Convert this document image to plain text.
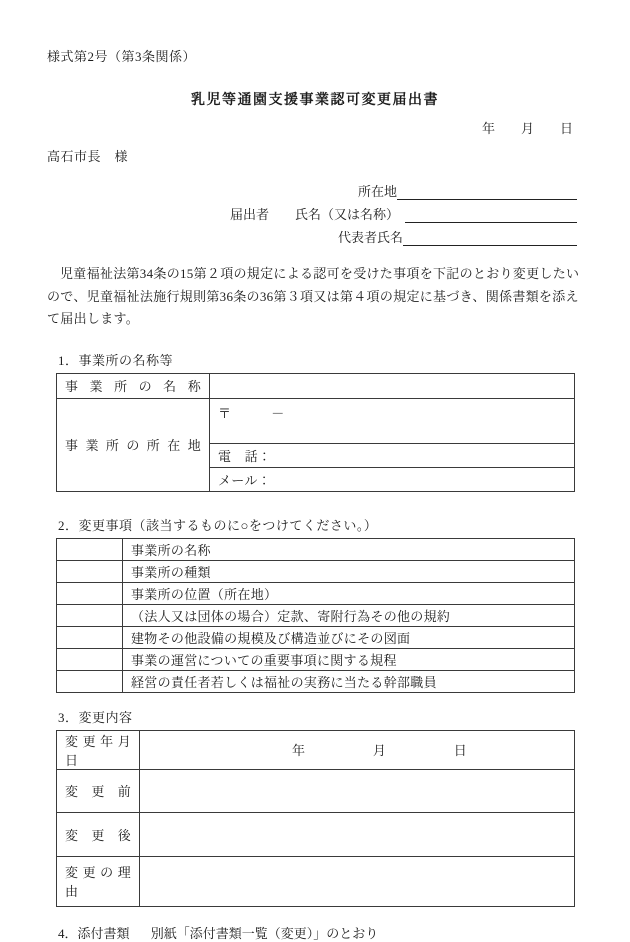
様式第2号（第3条関係）
乳児等通園支援事業認可変更届出書
年　　月　　日
高石市長　様
所在地
届出者 氏名（又は名称）
代表者氏名

児童福祉法第34条の15第２項の規定による認可を受けた事項を下記のとおり変更したいので、児童福祉法施行規則第36条の36第３項又は第４項の規定に基づき、関係書類を添えて届出します。

1．事業所の名称等
事業所の名称	
事業所の所在地	〒　　　－
	電　話：
	メール：
2．変更事項（該当するものに○をつけてください。）
	事業所の名称
	事業所の種類
	事業所の位置（所在地）
	（法人又は団体の場合）定款、寄附行為その他の規約
	建物その他設備の規模及び構造並びにその図面
	事業の運営についての重要事項に関する規程
	経営の責任者若しくは福祉の実務に当たる幹部職員
3．変更内容
変更年月日	年 月 日
変更前	
変更後	
変更の理由	
4．添付書類 別紙「添付書類一覧（変更）」のとおり
